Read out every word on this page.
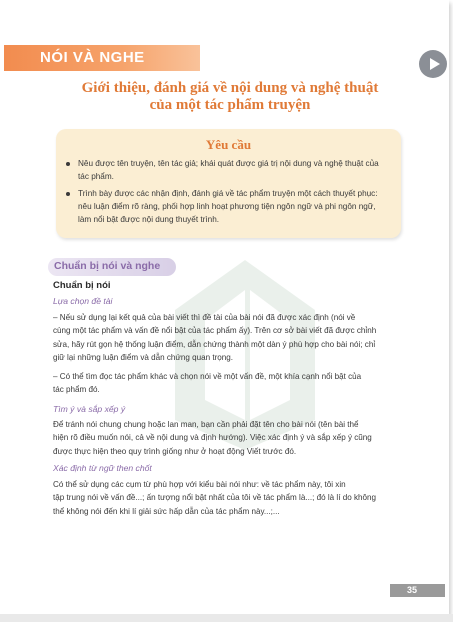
NÓI VÀ NGHE
Giới thiệu, đánh giá về nội dung và nghệ thuật
của một tác phẩm truyện
Yêu cầu
Nêu được tên truyện, tên tác giả; khái quát được giá trị nội dung và nghệ thuật của
tác phẩm.
Trình bày được các nhận định, đánh giá về tác phẩm truyện một cách thuyết phục:
nêu luận điểm rõ ràng, phối hợp linh hoạt phương tiện ngôn ngữ và phi ngôn ngữ,
làm nổi bật được nội dung thuyết trình.
Chuẩn bị nói và nghe
Chuẩn bị nói
Lựa chọn đề tài
– Nếu sử dụng lại kết quả của bài viết thì đề tài của bài nói đã được xác định (nói về
cùng một tác phẩm và vấn đề nổi bật của tác phẩm ấy). Trên cơ sở bài viết đã được chỉnh
sửa, hãy rút gọn hệ thống luận điểm, dẫn chứng thành một dàn ý phù hợp cho bài nói; chỉ
giữ lại những luận điểm và dẫn chứng quan trọng.
– Có thể tìm đọc tác phẩm khác và chọn nói về một vấn đề, một khía cạnh nổi bật của
tác phẩm đó.
Tìm ý và sắp xếp ý
Để tránh nói chung chung hoặc lan man, bạn cần phải đặt tên cho bài nói (tên bài thể
hiện rõ điều muốn nói, cả về nội dung và định hướng). Việc xác định ý và sắp xếp ý cũng
được thực hiện theo quy trình giống như ở hoạt động Viết trước đó.
Xác định từ ngữ then chốt
Có thể sử dụng các cụm từ phù hợp với kiểu bài nói như: về tác phẩm này, tôi xin
tập trung nói về vấn đề...; ấn tượng nổi bật nhất của tôi về tác phẩm là...; đó là lí do không
thể không nói đến khi lí giải sức hấp dẫn của tác phẩm này...;...
35
